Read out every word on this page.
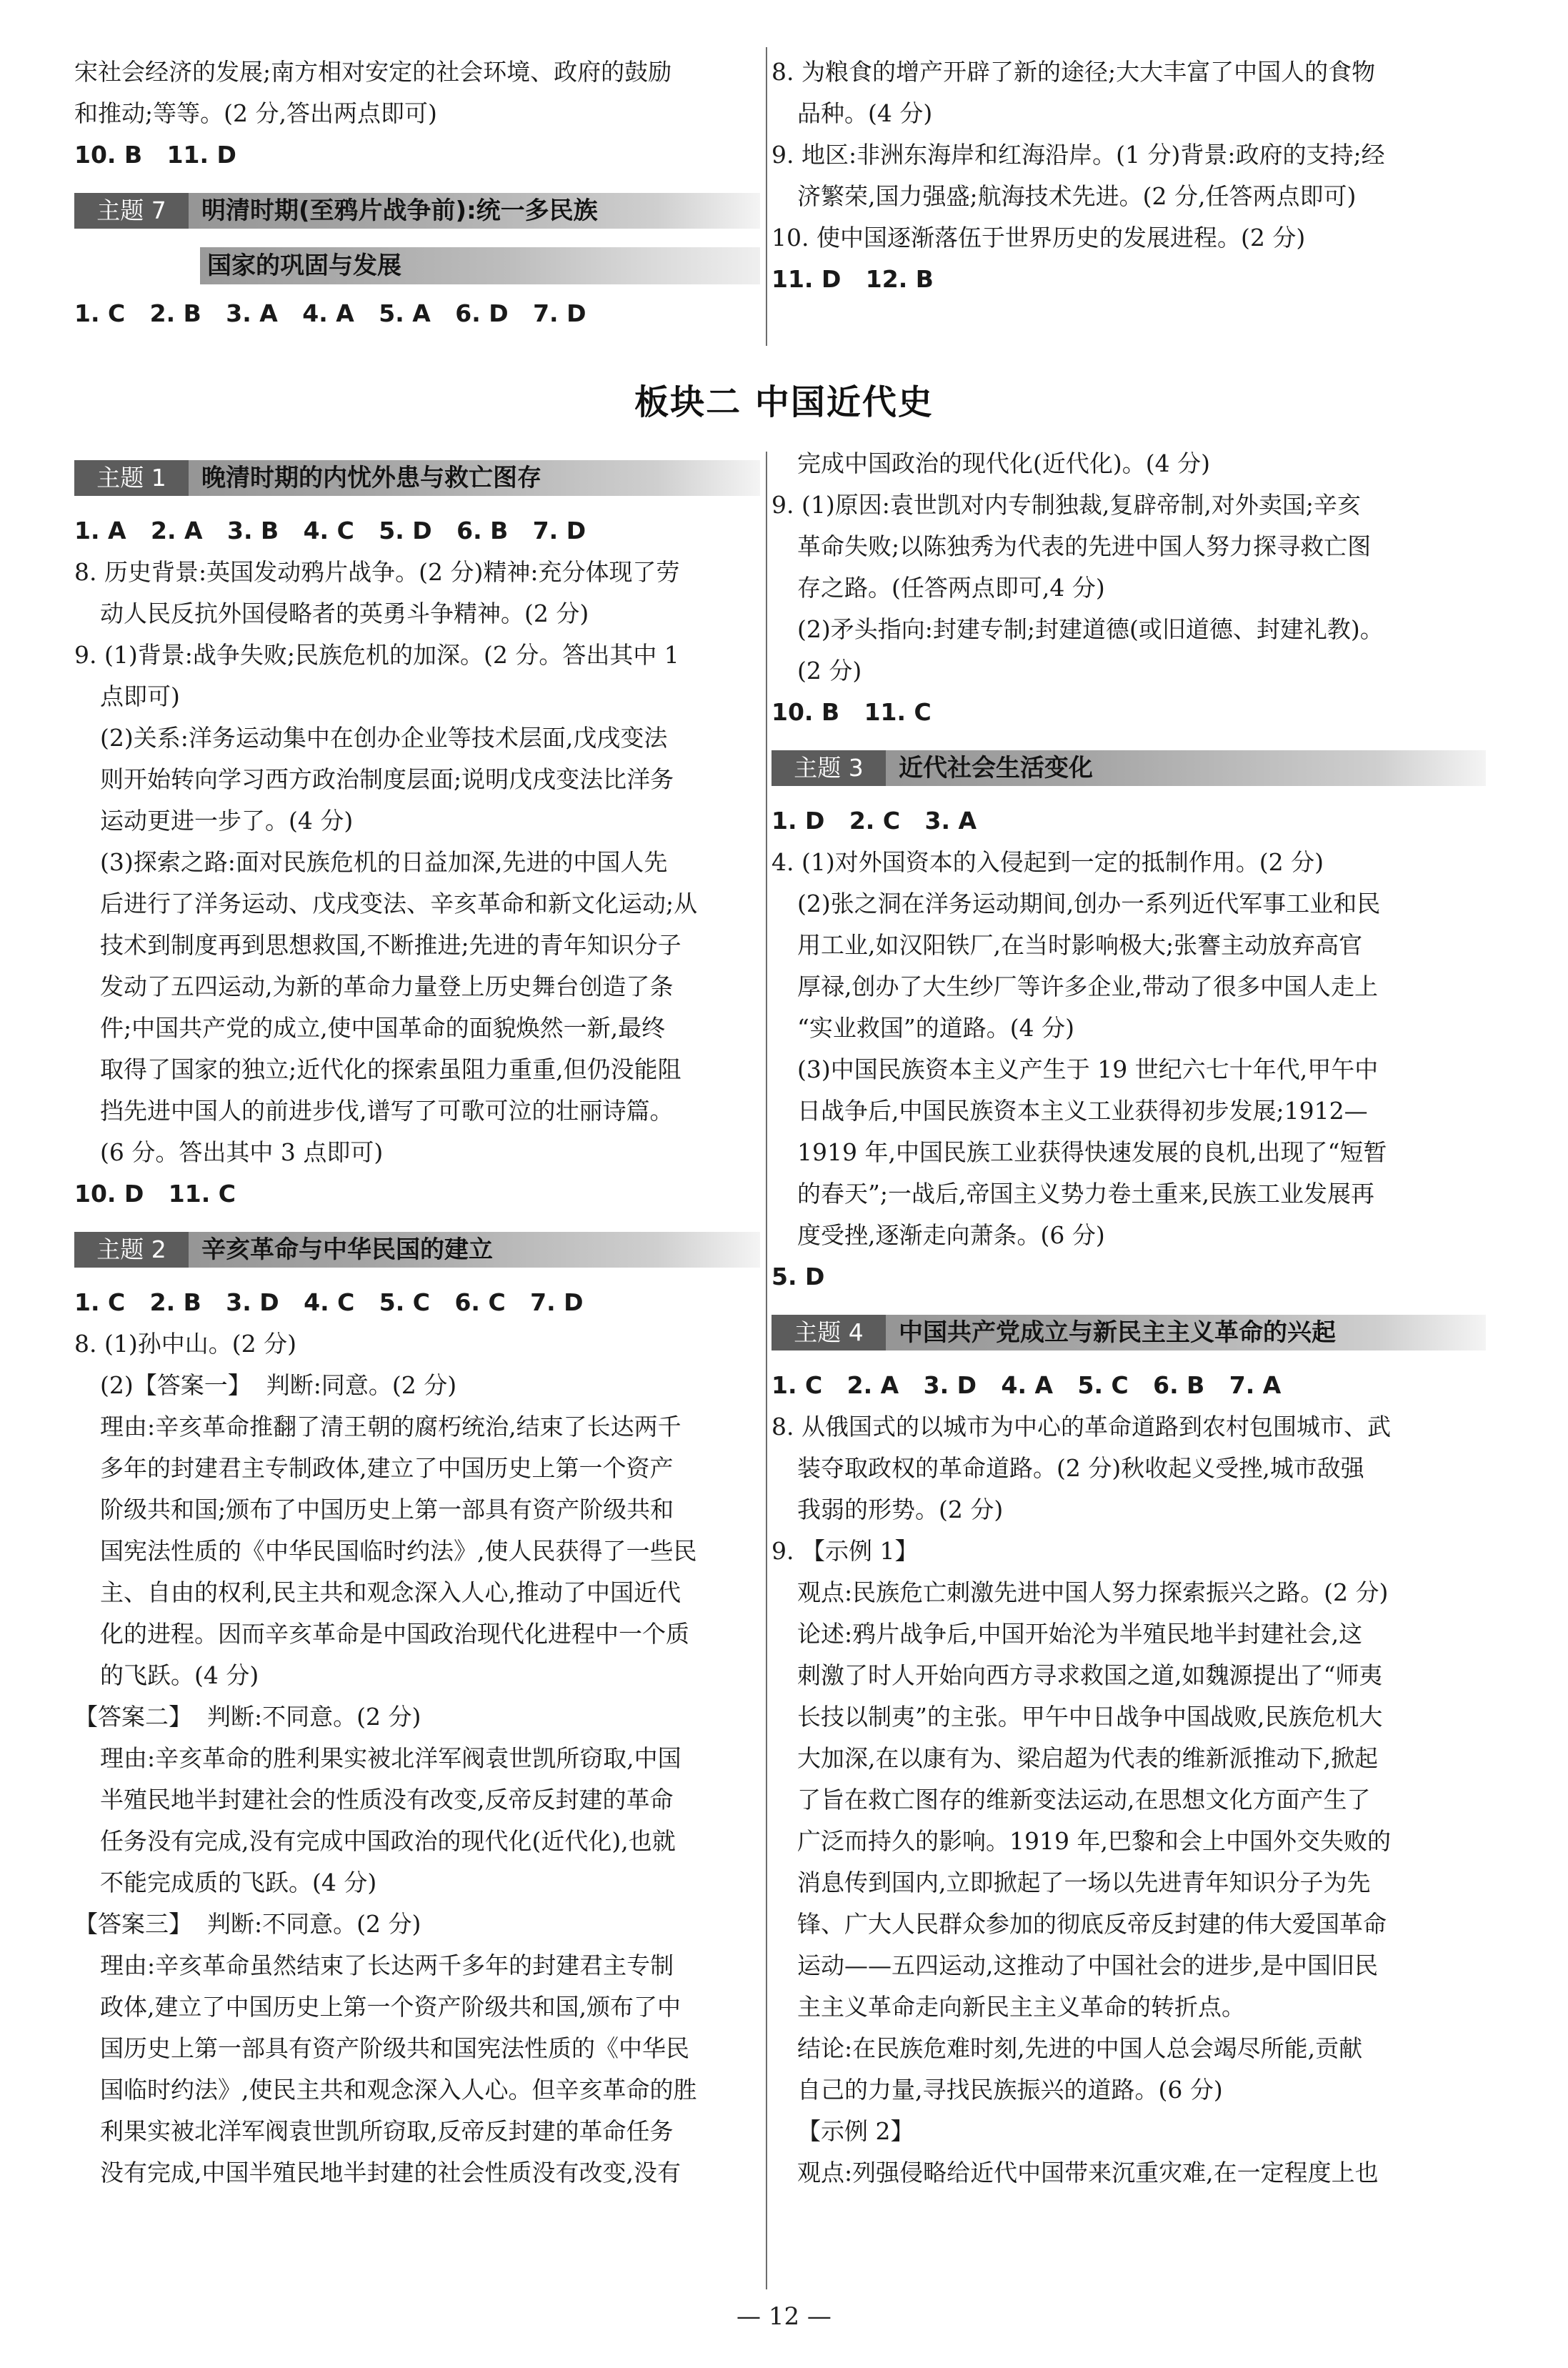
宋社会经济的发展;南方相对安定的社会环境、政府的鼓励
和推动;等等。(2 分,答出两点即可)
10. B   11. D
主题 7	明清时期(至鸦片战争前):统一多民族
国家的巩固与发展
1. C   2. B   3. A   4. A   5. A   6. D   7. D
8. 为粮食的增产开辟了新的途径;大大丰富了中国人的食物
品种。(4 分)
9. 地区:非洲东海岸和红海沿岸。(1 分)背景:政府的支持;经
济繁荣,国力强盛;航海技术先进。(2 分,任答两点即可)
10. 使中国逐渐落伍于世界历史的发展进程。(2 分)
11. D   12. B
板块二 中国近代史
主题 1	晚清时期的内忧外患与救亡图存
1. A   2. A   3. B   4. C   5. D   6. B   7. D
8. 历史背景:英国发动鸦片战争。(2 分)精神:充分体现了劳
动人民反抗外国侵略者的英勇斗争精神。(2 分)
9. (1)背景:战争失败;民族危机的加深。(2 分。答出其中 1
点即可)
(2)关系:洋务运动集中在创办企业等技术层面,戊戌变法
则开始转向学习西方政治制度层面;说明戊戌变法比洋务
运动更进一步了。(4 分)
(3)探索之路:面对民族危机的日益加深,先进的中国人先
后进行了洋务运动、戊戌变法、辛亥革命和新文化运动;从
技术到制度再到思想救国,不断推进;先进的青年知识分子
发动了五四运动,为新的革命力量登上历史舞台创造了条
件;中国共产党的成立,使中国革命的面貌焕然一新,最终
取得了国家的独立;近代化的探索虽阻力重重,但仍没能阻
挡先进中国人的前进步伐,谱写了可歌可泣的壮丽诗篇。
(6 分。答出其中 3 点即可)
10. D   11. C
主题 2	辛亥革命与中华民国的建立
1. C   2. B   3. D   4. C   5. C   6. C   7. D
8. (1)孙中山。(2 分)
(2)【答案一】  判断:同意。(2 分)
理由:辛亥革命推翻了清王朝的腐朽统治,结束了长达两千
多年的封建君主专制政体,建立了中国历史上第一个资产
阶级共和国;颁布了中国历史上第一部具有资产阶级共和
国宪法性质的《中华民国临时约法》,使人民获得了一些民
主、自由的权利,民主共和观念深入人心,推动了中国近代
化的进程。因而辛亥革命是中国政治现代化进程中一个质
的飞跃。(4 分)
【答案二】  判断:不同意。(2 分)
理由:辛亥革命的胜利果实被北洋军阀袁世凯所窃取,中国
半殖民地半封建社会的性质没有改变,反帝反封建的革命
任务没有完成,没有完成中国政治的现代化(近代化),也就
不能完成质的飞跃。(4 分)
【答案三】  判断:不同意。(2 分)
理由:辛亥革命虽然结束了长达两千多年的封建君主专制
政体,建立了中国历史上第一个资产阶级共和国,颁布了中
国历史上第一部具有资产阶级共和国宪法性质的《中华民
国临时约法》,使民主共和观念深入人心。但辛亥革命的胜
利果实被北洋军阀袁世凯所窃取,反帝反封建的革命任务
没有完成,中国半殖民地半封建的社会性质没有改变,没有
完成中国政治的现代化(近代化)。(4 分)
9. (1)原因:袁世凯对内专制独裁,复辟帝制,对外卖国;辛亥
革命失败;以陈独秀为代表的先进中国人努力探寻救亡图
存之路。(任答两点即可,4 分)
(2)矛头指向:封建专制;封建道德(或旧道德、封建礼教)。
(2 分)
10. B   11. C
主题 3	近代社会生活变化
1. D   2. C   3. A
4. (1)对外国资本的入侵起到一定的抵制作用。(2 分)
(2)张之洞在洋务运动期间,创办一系列近代军事工业和民
用工业,如汉阳铁厂,在当时影响极大;张謇主动放弃高官
厚禄,创办了大生纱厂等许多企业,带动了很多中国人走上
“实业救国”的道路。(4 分)
(3)中国民族资本主义产生于 19 世纪六七十年代,甲午中
日战争后,中国民族资本主义工业获得初步发展;1912—
1919 年,中国民族工业获得快速发展的良机,出现了“短暂
的春天”;一战后,帝国主义势力卷土重来,民族工业发展再
度受挫,逐渐走向萧条。(6 分)
5. D
主题 4	中国共产党成立与新民主主义革命的兴起
1. C   2. A   3. D   4. A   5. C   6. B   7. A
8. 从俄国式的以城市为中心的革命道路到农村包围城市、武
装夺取政权的革命道路。(2 分)秋收起义受挫,城市敌强
我弱的形势。(2 分)
9. 【示例 1】
观点:民族危亡刺激先进中国人努力探索振兴之路。(2 分)
论述:鸦片战争后,中国开始沦为半殖民地半封建社会,这
刺激了时人开始向西方寻求救国之道,如魏源提出了“师夷
长技以制夷”的主张。甲午中日战争中国战败,民族危机大
大加深,在以康有为、梁启超为代表的维新派推动下,掀起
了旨在救亡图存的维新变法运动,在思想文化方面产生了
广泛而持久的影响。1919 年,巴黎和会上中国外交失败的
消息传到国内,立即掀起了一场以先进青年知识分子为先
锋、广大人民群众参加的彻底反帝反封建的伟大爱国革命
运动——五四运动,这推动了中国社会的进步,是中国旧民
主主义革命走向新民主主义革命的转折点。
结论:在民族危难时刻,先进的中国人总会竭尽所能,贡献
自己的力量,寻找民族振兴的道路。(6 分)
【示例 2】
观点:列强侵略给近代中国带来沉重灾难,在一定程度上也
— 12 —
